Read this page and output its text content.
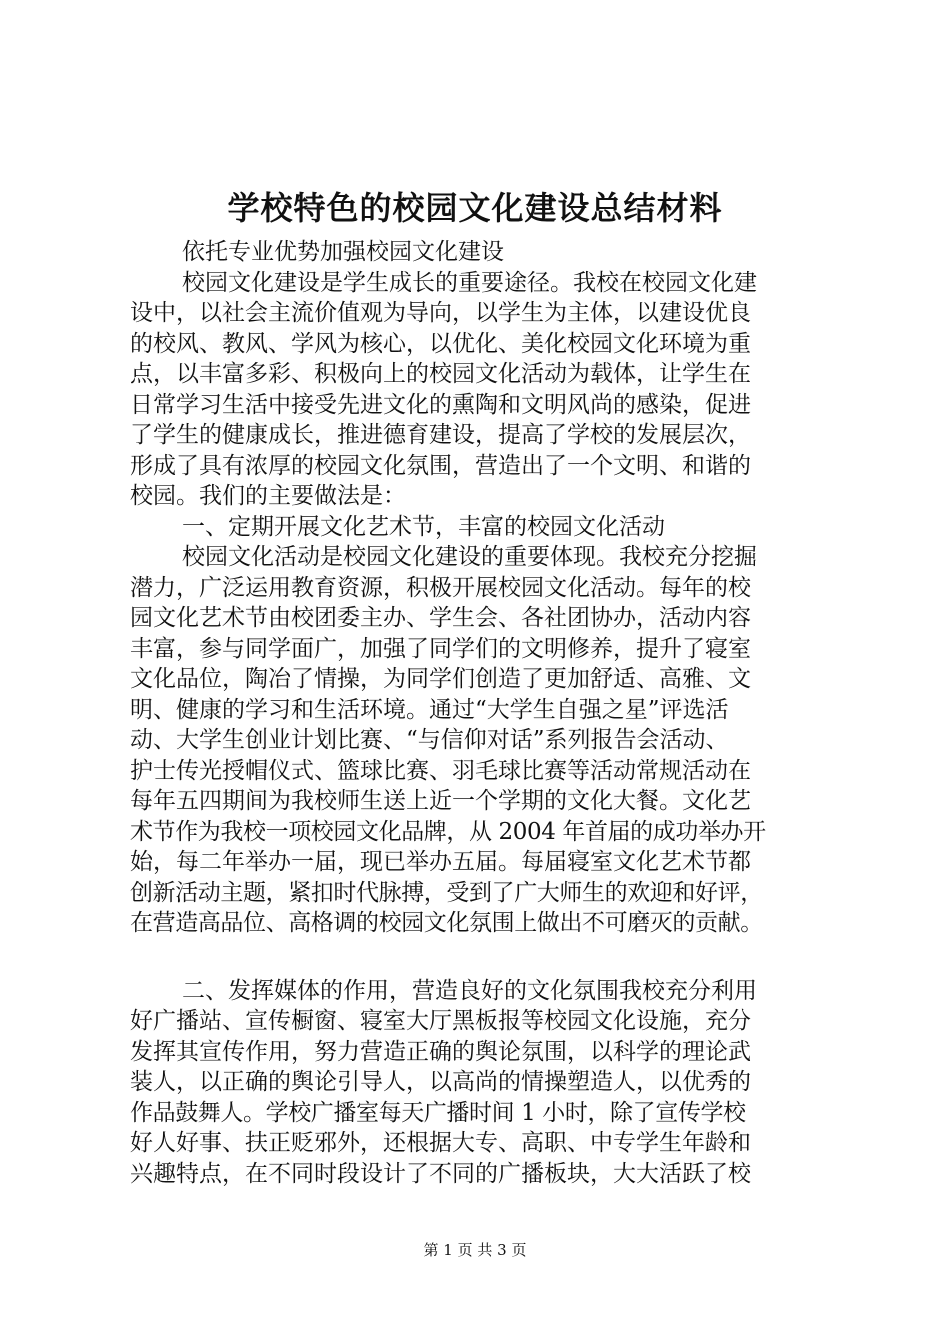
学校特色的校园文化建设总结材料
依托专业优势加强校园文化建设
校园文化建设是学生成长的重要途径。我校在校园文化建
设中，以社会主流价值观为导向，以学生为主体，以建设优良
的校风、教风、学风为核心，以优化、美化校园文化环境为重
点，以丰富多彩、积极向上的校园文化活动为载体，让学生在
日常学习生活中接受先进文化的熏陶和文明风尚的感染，促进
了学生的健康成长，推进德育建设，提高了学校的发展层次，
形成了具有浓厚的校园文化氛围，营造出了一个文明、和谐的
校园。我们的主要做法是：
一、定期开展文化艺术节，丰富的校园文化活动
校园文化活动是校园文化建设的重要体现。我校充分挖掘
潜力，广泛运用教育资源，积极开展校园文化活动。每年的校
园文化艺术节由校团委主办、学生会、各社团协办，活动内容
丰富，参与同学面广，加强了同学们的文明修养，提升了寝室
文化品位，陶冶了情操，为同学们创造了更加舒适、高雅、文
明、健康的学习和生活环境。通过“大学生自强之星”评选活
动、大学生创业计划比赛、“与信仰对话”系列报告会活动、
护士传光授帽仪式、篮球比赛、羽毛球比赛等活动常规活动在
每年五四期间为我校师生送上近一个学期的文化大餐。文化艺
术节作为我校一项校园文化品牌，从 2004 年首届的成功举办开
始，每二年举办一届，现已举办五届。每届寝室文化艺术节都
创新活动主题，紧扣时代脉搏，受到了广大师生的欢迎和好评，
在营造高品位、高格调的校园文化氛围上做出不可磨灭的贡献。
二、发挥媒体的作用，营造良好的文化氛围我校充分利用
好广播站、宣传橱窗、寝室大厅黑板报等校园文化设施，充分
发挥其宣传作用，努力营造正确的舆论氛围，以科学的理论武
装人，以正确的舆论引导人，以高尚的情操塑造人，以优秀的
作品鼓舞人。学校广播室每天广播时间 1 小时，除了宣传学校
好人好事、扶正贬邪外，还根据大专、高职、中专学生年龄和
兴趣特点，在不同时段设计了不同的广播板块，大大活跃了校
第 1 页 共 3 页
